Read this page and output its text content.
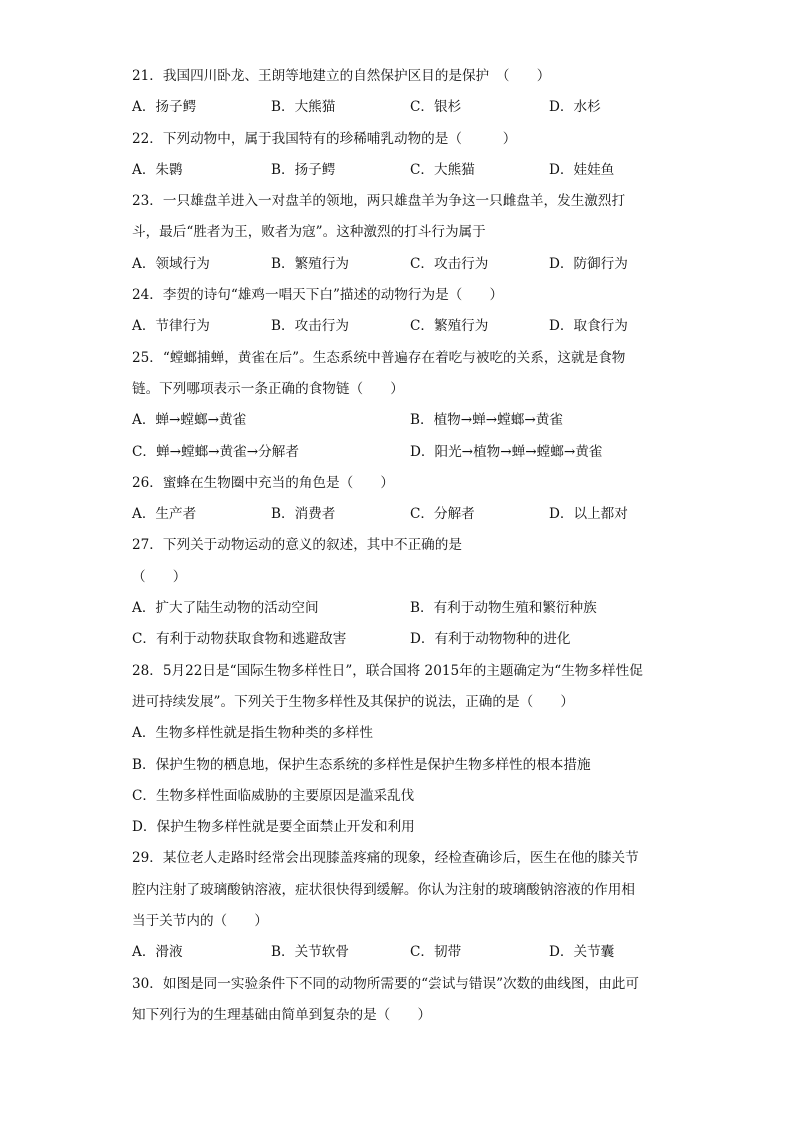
21．我国四川卧龙、王朗等地建立的自然保护区目的是保护　（　　）
A．扬子鳄	B．大熊猫	C．银杉	D．水杉
22．下列动物中，属于我国特有的珍稀哺乳动物的是（　　　）
A．朱鹮	B．扬子鳄	C．大熊猫	D．娃娃鱼
23．一只雄盘羊进入一对盘羊的领地，两只雄盘羊为争这一只雌盘羊，发生激烈打
斗，最后“胜者为王，败者为寇”。这种激烈的打斗行为属于
A．领域行为	B．繁殖行为	C．攻击行为	D．防御行为
24．李贺的诗句“雄鸡一唱天下白”描述的动物行为是（　　）
A．节律行为	B．攻击行为	C．繁殖行为	D．取食行为
25．“螳螂捕蝉，黄雀在后”。生态系统中普遍存在着吃与被吃的关系，这就是食物
链。下列哪项表示一条正确的食物链（　　）
A．蝉→螳螂→黄雀	B．植物→蝉→螳螂→黄雀
C．蝉→螳螂→黄雀→分解者	D．阳光→植物→蝉→螳螂→黄雀
26．蜜蜂在生物圈中充当的角色是（　　）
A．生产者	B．消费者	C．分解者	D．以上都对
27．下列关于动物运动的意义的叙述，其中不正确的是
（　　）
A．扩大了陆生动物的活动空间	B．有利于动物生殖和繁衍种族
C．有利于动物获取食物和逃避敌害	D．有利于动物物种的进化
28．5月22日是“国际生物多样性日”，联合国将 2015年的主题确定为“生物多样性促
进可持续发展”。下列关于生物多样性及其保护的说法，正确的是（　　）
A．生物多样性就是指生物种类的多样性
B．保护生物的栖息地，保护生态系统的多样性是保护生物多样性的根本措施
C．生物多样性面临威胁的主要原因是滥采乱伐
D．保护生物多样性就是要全面禁止开发和利用
29．某位老人走路时经常会出现膝盖疼痛的现象，经检查确诊后，医生在他的膝关节
腔内注射了玻璃酸钠溶液，症状很快得到缓解。你认为注射的玻璃酸钠溶液的作用相
当于关节内的（　　）
A．滑液	B．关节软骨	C．韧带	D．关节囊
30．如图是同一实验条件下不同的动物所需要的“尝试与错误”次数的曲线图，由此可
知下列行为的生理基础由简单到复杂的是（　　）
